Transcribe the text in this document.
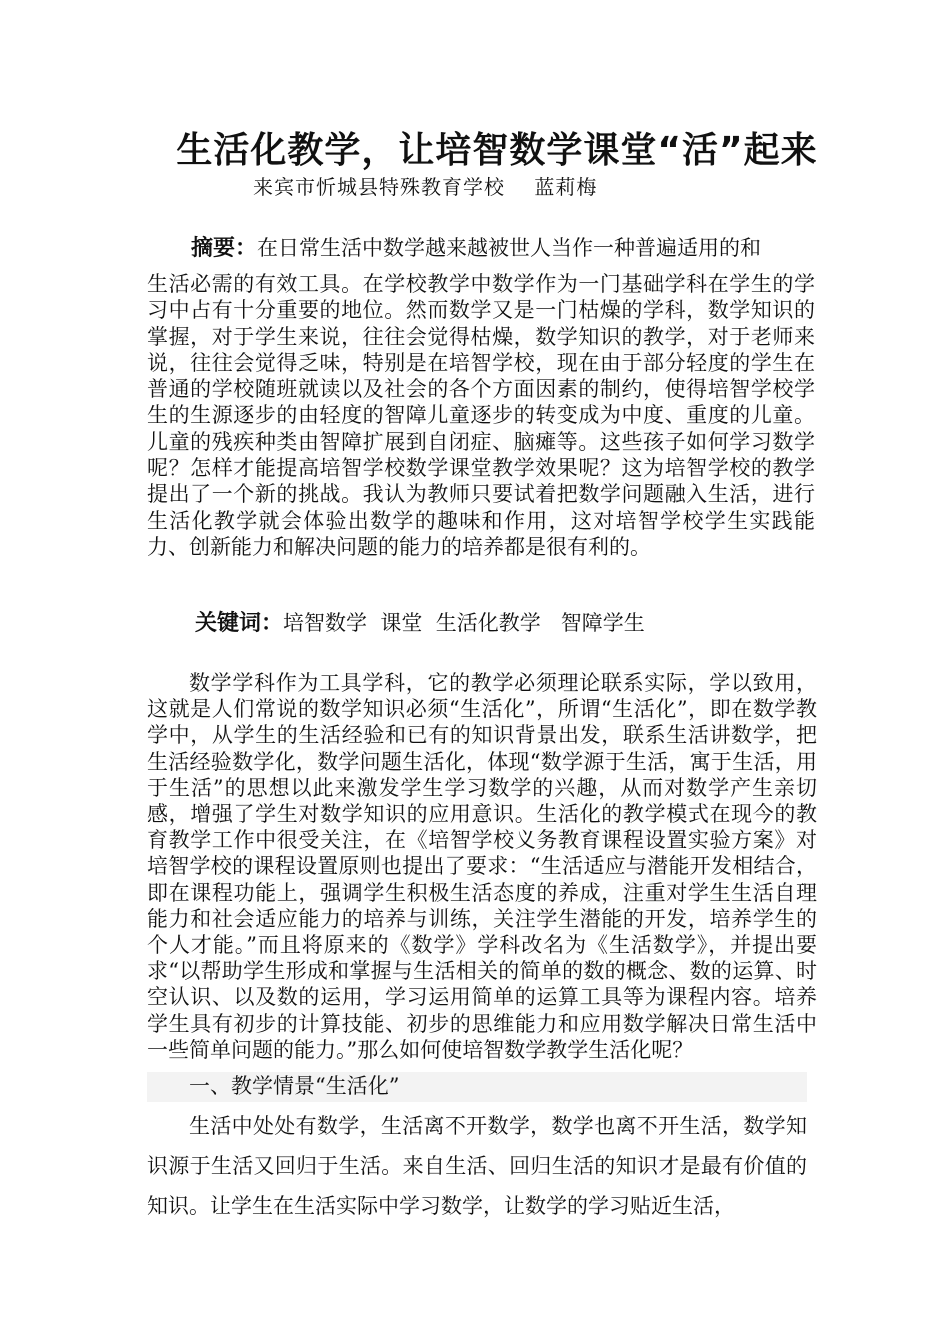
生活化教学，让培智数学课堂“活”起来

来宾市忻城县特殊教育学校    蓝莉梅

摘要：在日常生活中数学越来越被世人当作一种普遍适用的和
生活必需的有效工具。在学校教学中数学作为一门基础学科在学生的学习中占有十分重要的地位。然而数学又是一门枯燥的学科，数学知识的掌握，对于学生来说，往往会觉得枯燥，数学知识的教学，对于老师来说，往往会觉得乏味，特别是在培智学校，现在由于部分轻度的学生在普通的学校随班就读以及社会的各个方面因素的制约，使得培智学校学生的生源逐步的由轻度的智障儿童逐步的转变成为中度、重度的儿童。儿童的残疾种类由智障扩展到自闭症、脑瘫等。这些孩子如何学习数学呢？怎样才能提高培智学校数学课堂教学效果呢？这为培智学校的教学提出了一个新的挑战。我认为教师只要试着把数学问题融入生活，进行生活化教学就会体验出数学的趣味和作用，这对培智学校学生实践能力、创新能力和解决问题的能力的培养都是很有利的。

关键词：培智数学  课堂  生活化教学   智障学生

数学学科作为工具学科，它的教学必须理论联系实际，学以致用，这就是人们常说的数学知识必须“生活化”，所谓“生活化”，即在数学教学中，从学生的生活经验和已有的知识背景出发，联系生活讲数学，把生活经验数学化，数学问题生活化，体现“数学源于生活，寓于生活，用于生活”的思想以此来激发学生学习数学的兴趣，从而对数学产生亲切感，增强了学生对数学知识的应用意识。生活化的教学模式在现今的教育教学工作中很受关注，在《培智学校义务教育课程设置实验方案》对培智学校的课程设置原则也提出了要求：“生活适应与潜能开发相结合，即在课程功能上，强调学生积极生活态度的养成，注重对学生生活自理能力和社会适应能力的培养与训练，关注学生潜能的开发，培养学生的个人才能。”而且将原来的《数学》学科改名为《生活数学》，并提出要求“以帮助学生形成和掌握与生活相关的简单的数的概念、数的运算、时空认识、以及数的运用，学习运用简单的运算工具等为课程内容。培养学生具有初步的计算技能、初步的思维能力和应用数学解决日常生活中一些简单问题的能力。”那么如何使培智数学教学生活化呢？

一、教学情景“生活化”

生活中处处有数学，生活离不开数学，数学也离不开生活，数学知识源于生活又回归于生活。来自生活、回归生活的知识才是最有价值的知识。让学生在生活实际中学习数学，让数学的学习贴近生活，
